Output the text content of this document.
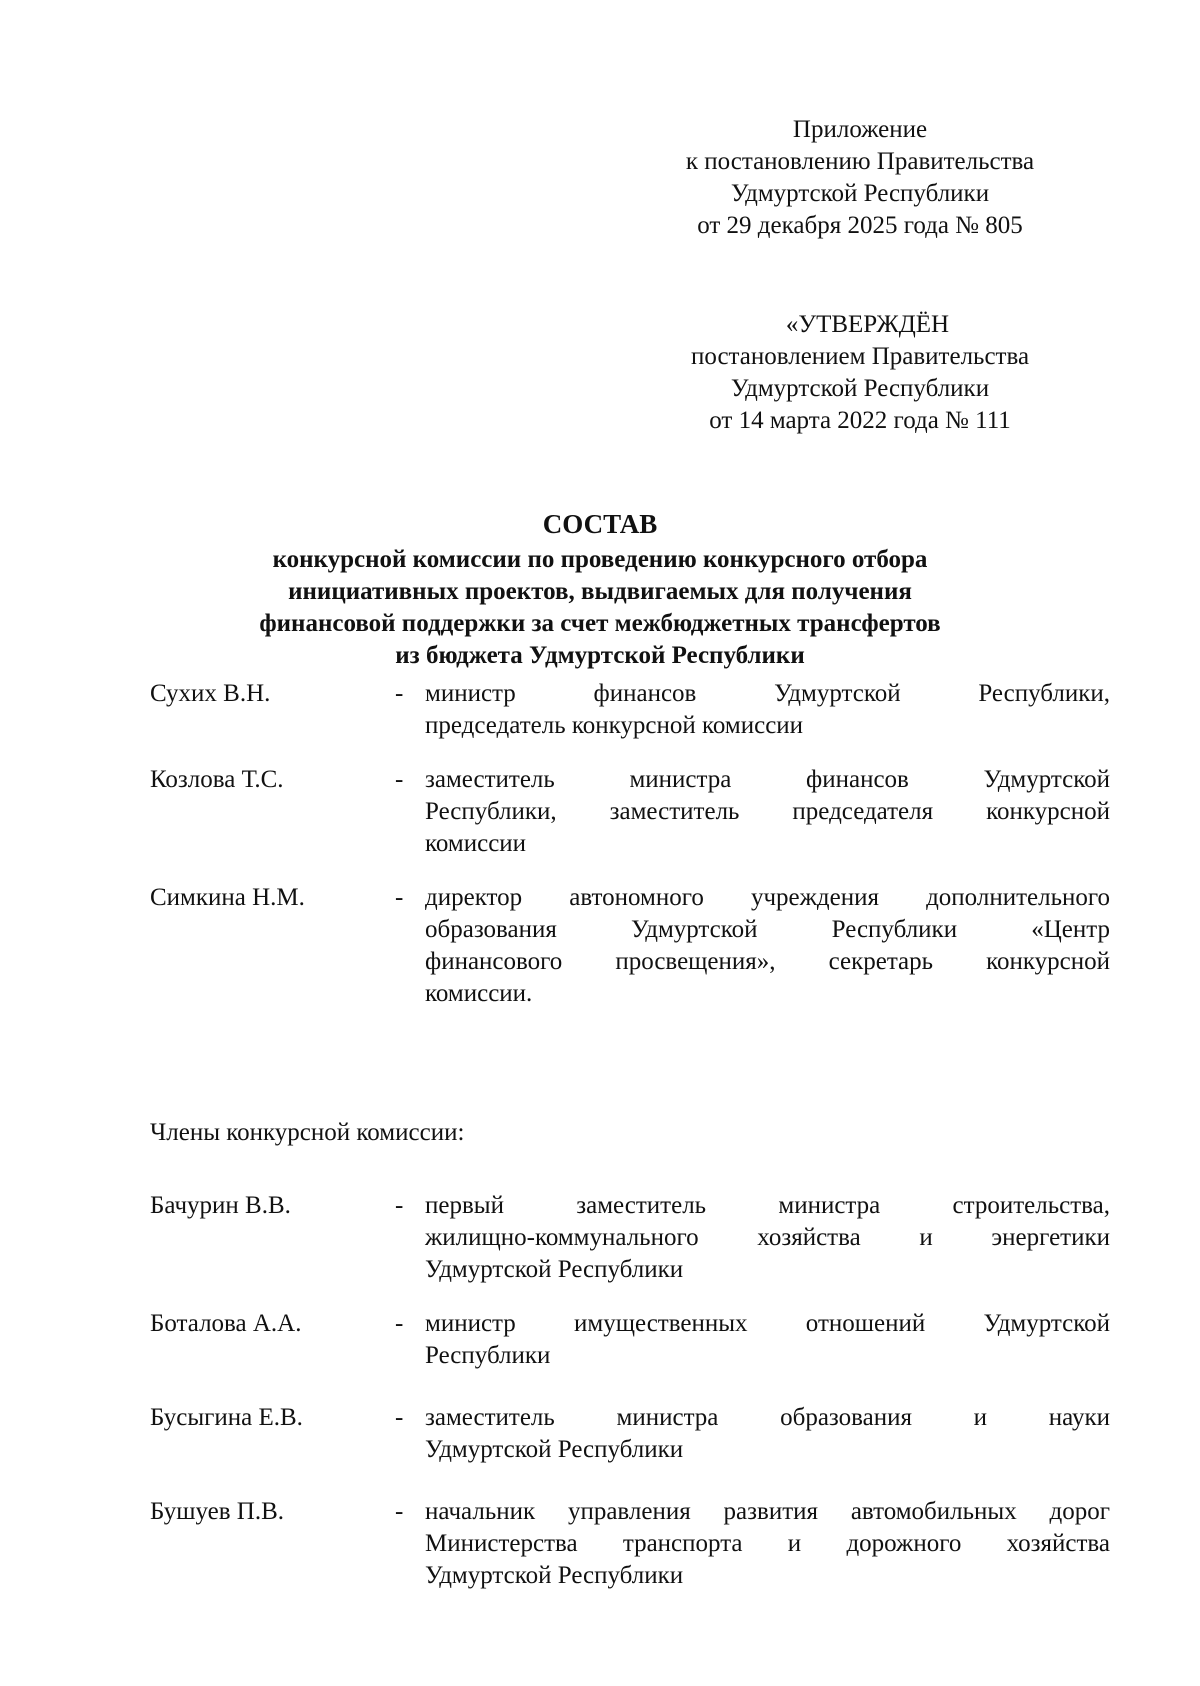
Приложение
к постановлению Правительства
Удмуртской Республики
от 29 декабря 2025 года № 805
«УТВЕРЖДЁН
постановлением Правительства
Удмуртской Республики
от 14 марта 2022 года № 111
СОСТАВ
конкурсной комиссии по проведению конкурсного отбора
инициативных проектов, выдвигаемых для получения
финансовой поддержки за счет межбюджетных трансфертов
из бюджета Удмуртской Республики
Сухих В.Н.	- министр финансов Удмуртской Республики,
председатель конкурсной комиссии
Козлова Т.С.	- заместитель министра финансов Удмуртской
Республики, заместитель председателя конкурсной
комиссии
Симкина Н.М.	- директор автономного учреждения дополнительного
образования Удмуртской Республики «Центр
финансового просвещения», секретарь конкурсной
комиссии.
Члены конкурсной комиссии:
Бачурин В.В.	- первый заместитель министра строительства,
жилищно-коммунального хозяйства и энергетики
Удмуртской Республики
Боталова А.А.	- министр имущественных отношений Удмуртской
Республики
Бусыгина Е.В.	- заместитель министра образования и науки
Удмуртской Республики
Бушуев П.В.	- начальник управления развития автомобильных дорог
Министерства транспорта и дорожного хозяйства
Удмуртской Республики
